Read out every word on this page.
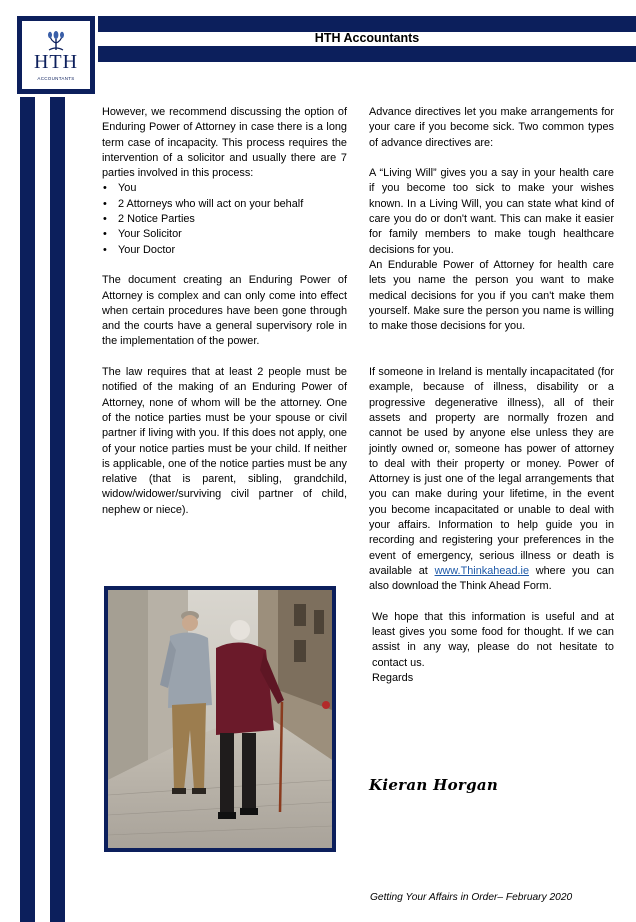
HTH Accountants
HTH
ACCOUNTANTS

However, we recommend discussing the option of Enduring Power of Attorney in case there is a long term case of incapacity. This process requires the intervention of a solicitor and usually there are 7 parties involved in this process:

• You
• 2 Attorneys who will act on your behalf
• 2 Notice Parties
• Your Solicitor
• Your Doctor

The document creating an Enduring Power of Attorney is complex and can only come into effect when certain procedures have been gone through and the courts have a general supervisory role in the implementation of the power.

The law requires that at least 2 people must be notified of the making of an Enduring Power of Attorney, none of whom will be the attorney. One of the notice parties must be your spouse or civil partner if living with you. If this does not apply, one of your notice parties must be your child. If neither is applicable, one of the notice parties must be any relative (that is parent, sibling, grandchild, widow/widower/surviving civil partner of child, nephew or niece).

Advance directives let you make arrangements for your care if you become sick. Two common types of advance directives are:

A “Living Will” gives you a say in your health care if you become too sick to make your wishes known. In a Living Will, you can state what kind of care you do or don't want. This can make it easier for family members to make tough healthcare decisions for you.

An Endurable Power of Attorney for health care lets you name the person you want to make medical decisions for you if you can't make them yourself. Make sure the person you name is willing to make those decisions for you.

If someone in Ireland is mentally incapacitated (for example, because of illness, disability or a progressive degenerative illness), all of their assets and property are normally frozen and cannot be used by anyone else unless they are jointly owned or, someone has power of attorney to deal with their property or money. Power of Attorney is just one of the legal arrangements that you can make during your lifetime, in the event you become incapacitated or unable to deal with your affairs. Information to help guide you in recording and registering your preferences in the event of emergency, serious illness or death is available at www.Thinkahead.ie where you can also download the Think Ahead Form.

We hope that this information is useful and at least gives you some food for thought. If we can assist in any way, please do not hesitate to contact us.

Regards

Kieran Horgan
Getting Your Affairs in Order– February 2020
